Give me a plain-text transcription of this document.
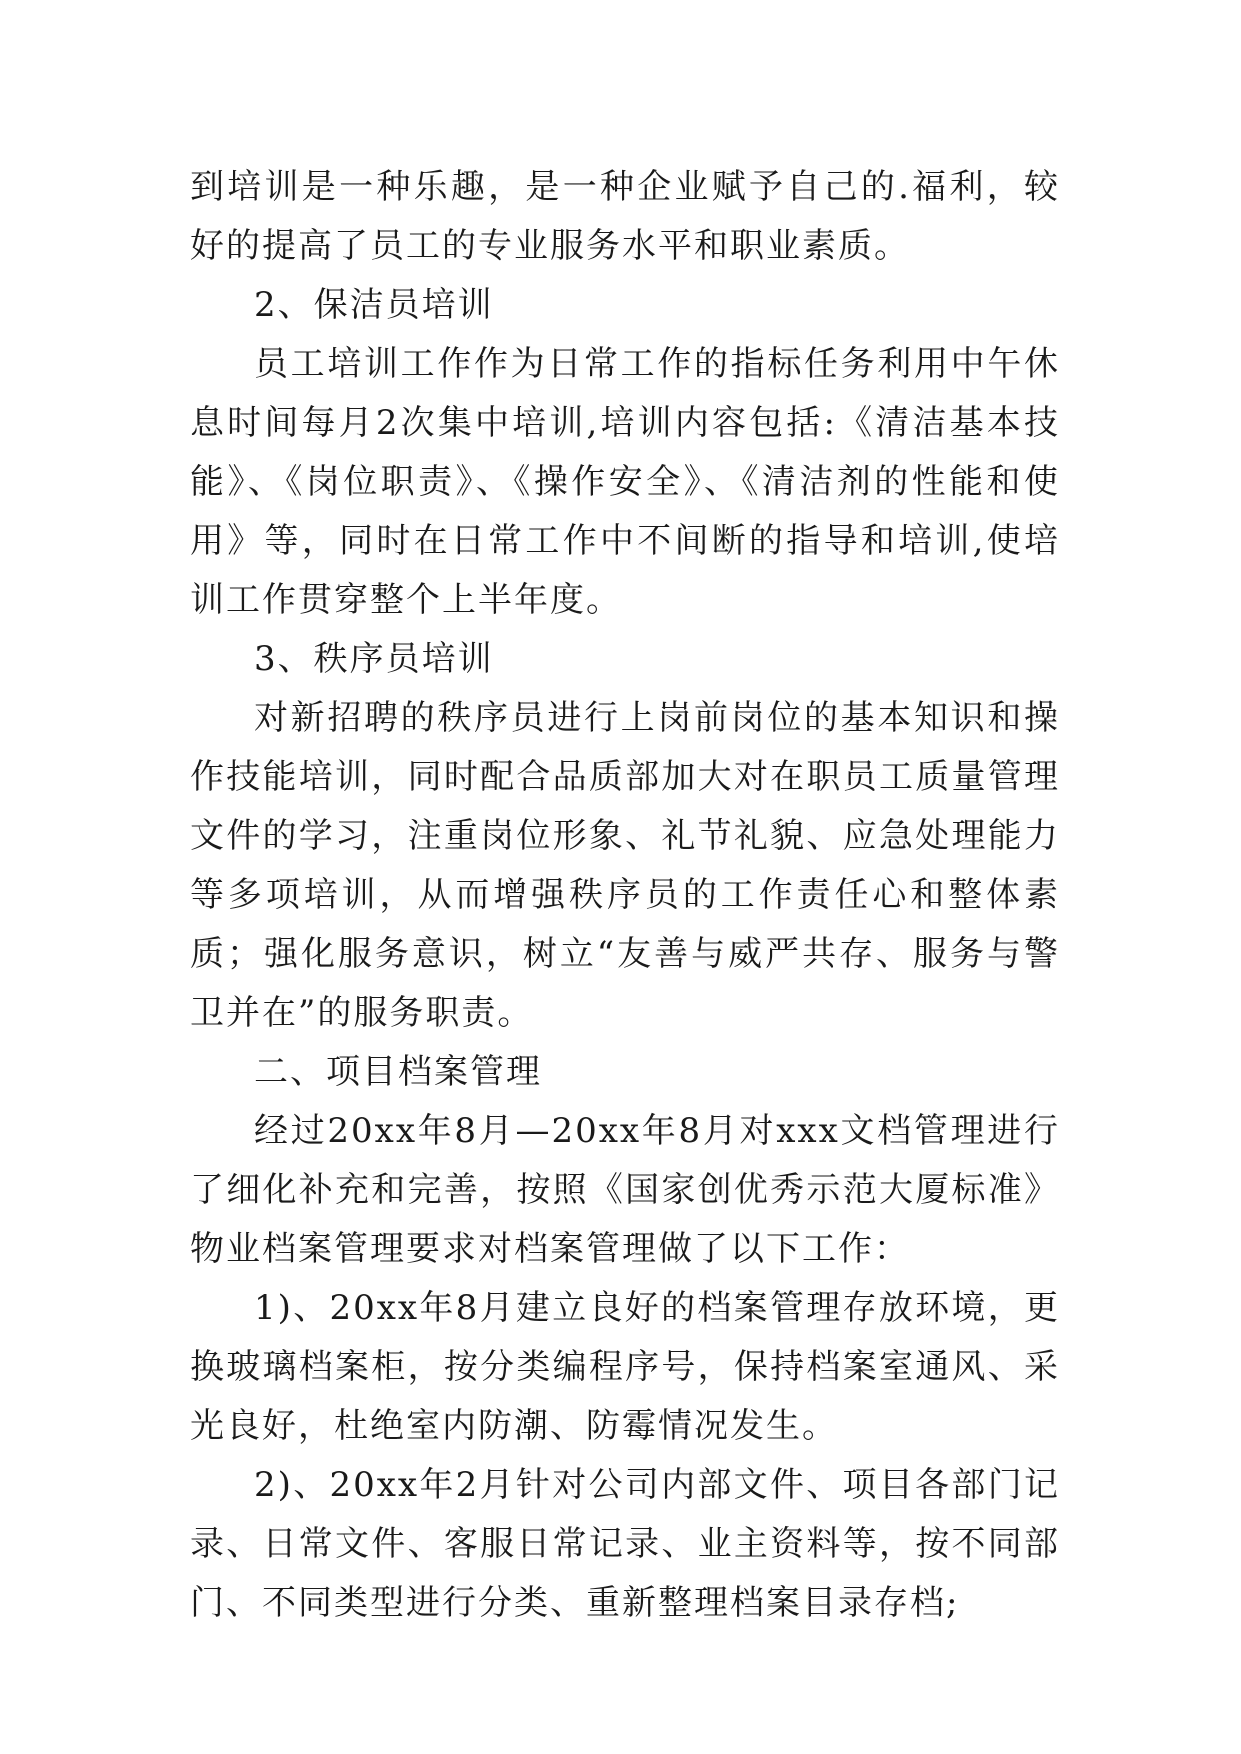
到培训是一种乐趣，是一种企业赋予自己的.福利，较好的提高了员工的专业服务水平和职业素质。

2、保洁员培训

员工培训工作作为日常工作的指标任务利用中午休息时间每月2次集中培训,培训内容包括:《清洁基本技能》、《岗位职责》、《操作安全》、《清洁剂的性能和使用》等，同时在日常工作中不间断的指导和培训,使培训工作贯穿整个上半年度。

3、秩序员培训

对新招聘的秩序员进行上岗前岗位的基本知识和操作技能培训，同时配合品质部加大对在职员工质量管理文件的学习，注重岗位形象、礼节礼貌、应急处理能力等多项培训，从而增强秩序员的工作责任心和整体素质；强化服务意识，树立“友善与威严共存、服务与警卫并在”的服务职责。

二、项目档案管理

经过20xx年8月—20xx年8月对xxx文档管理进行了细化补充和完善，按照《国家创优秀示范大厦标准》物业档案管理要求对档案管理做了以下工作：

1)、20xx年8月建立良好的档案管理存放环境，更换玻璃档案柜，按分类编程序号，保持档案室通风、采光良好，杜绝室内防潮、防霉情况发生。

2)、20xx年2月针对公司内部文件、项目各部门记录、日常文件、客服日常记录、业主资料等，按不同部门、不同类型进行分类、重新整理档案目录存档;
